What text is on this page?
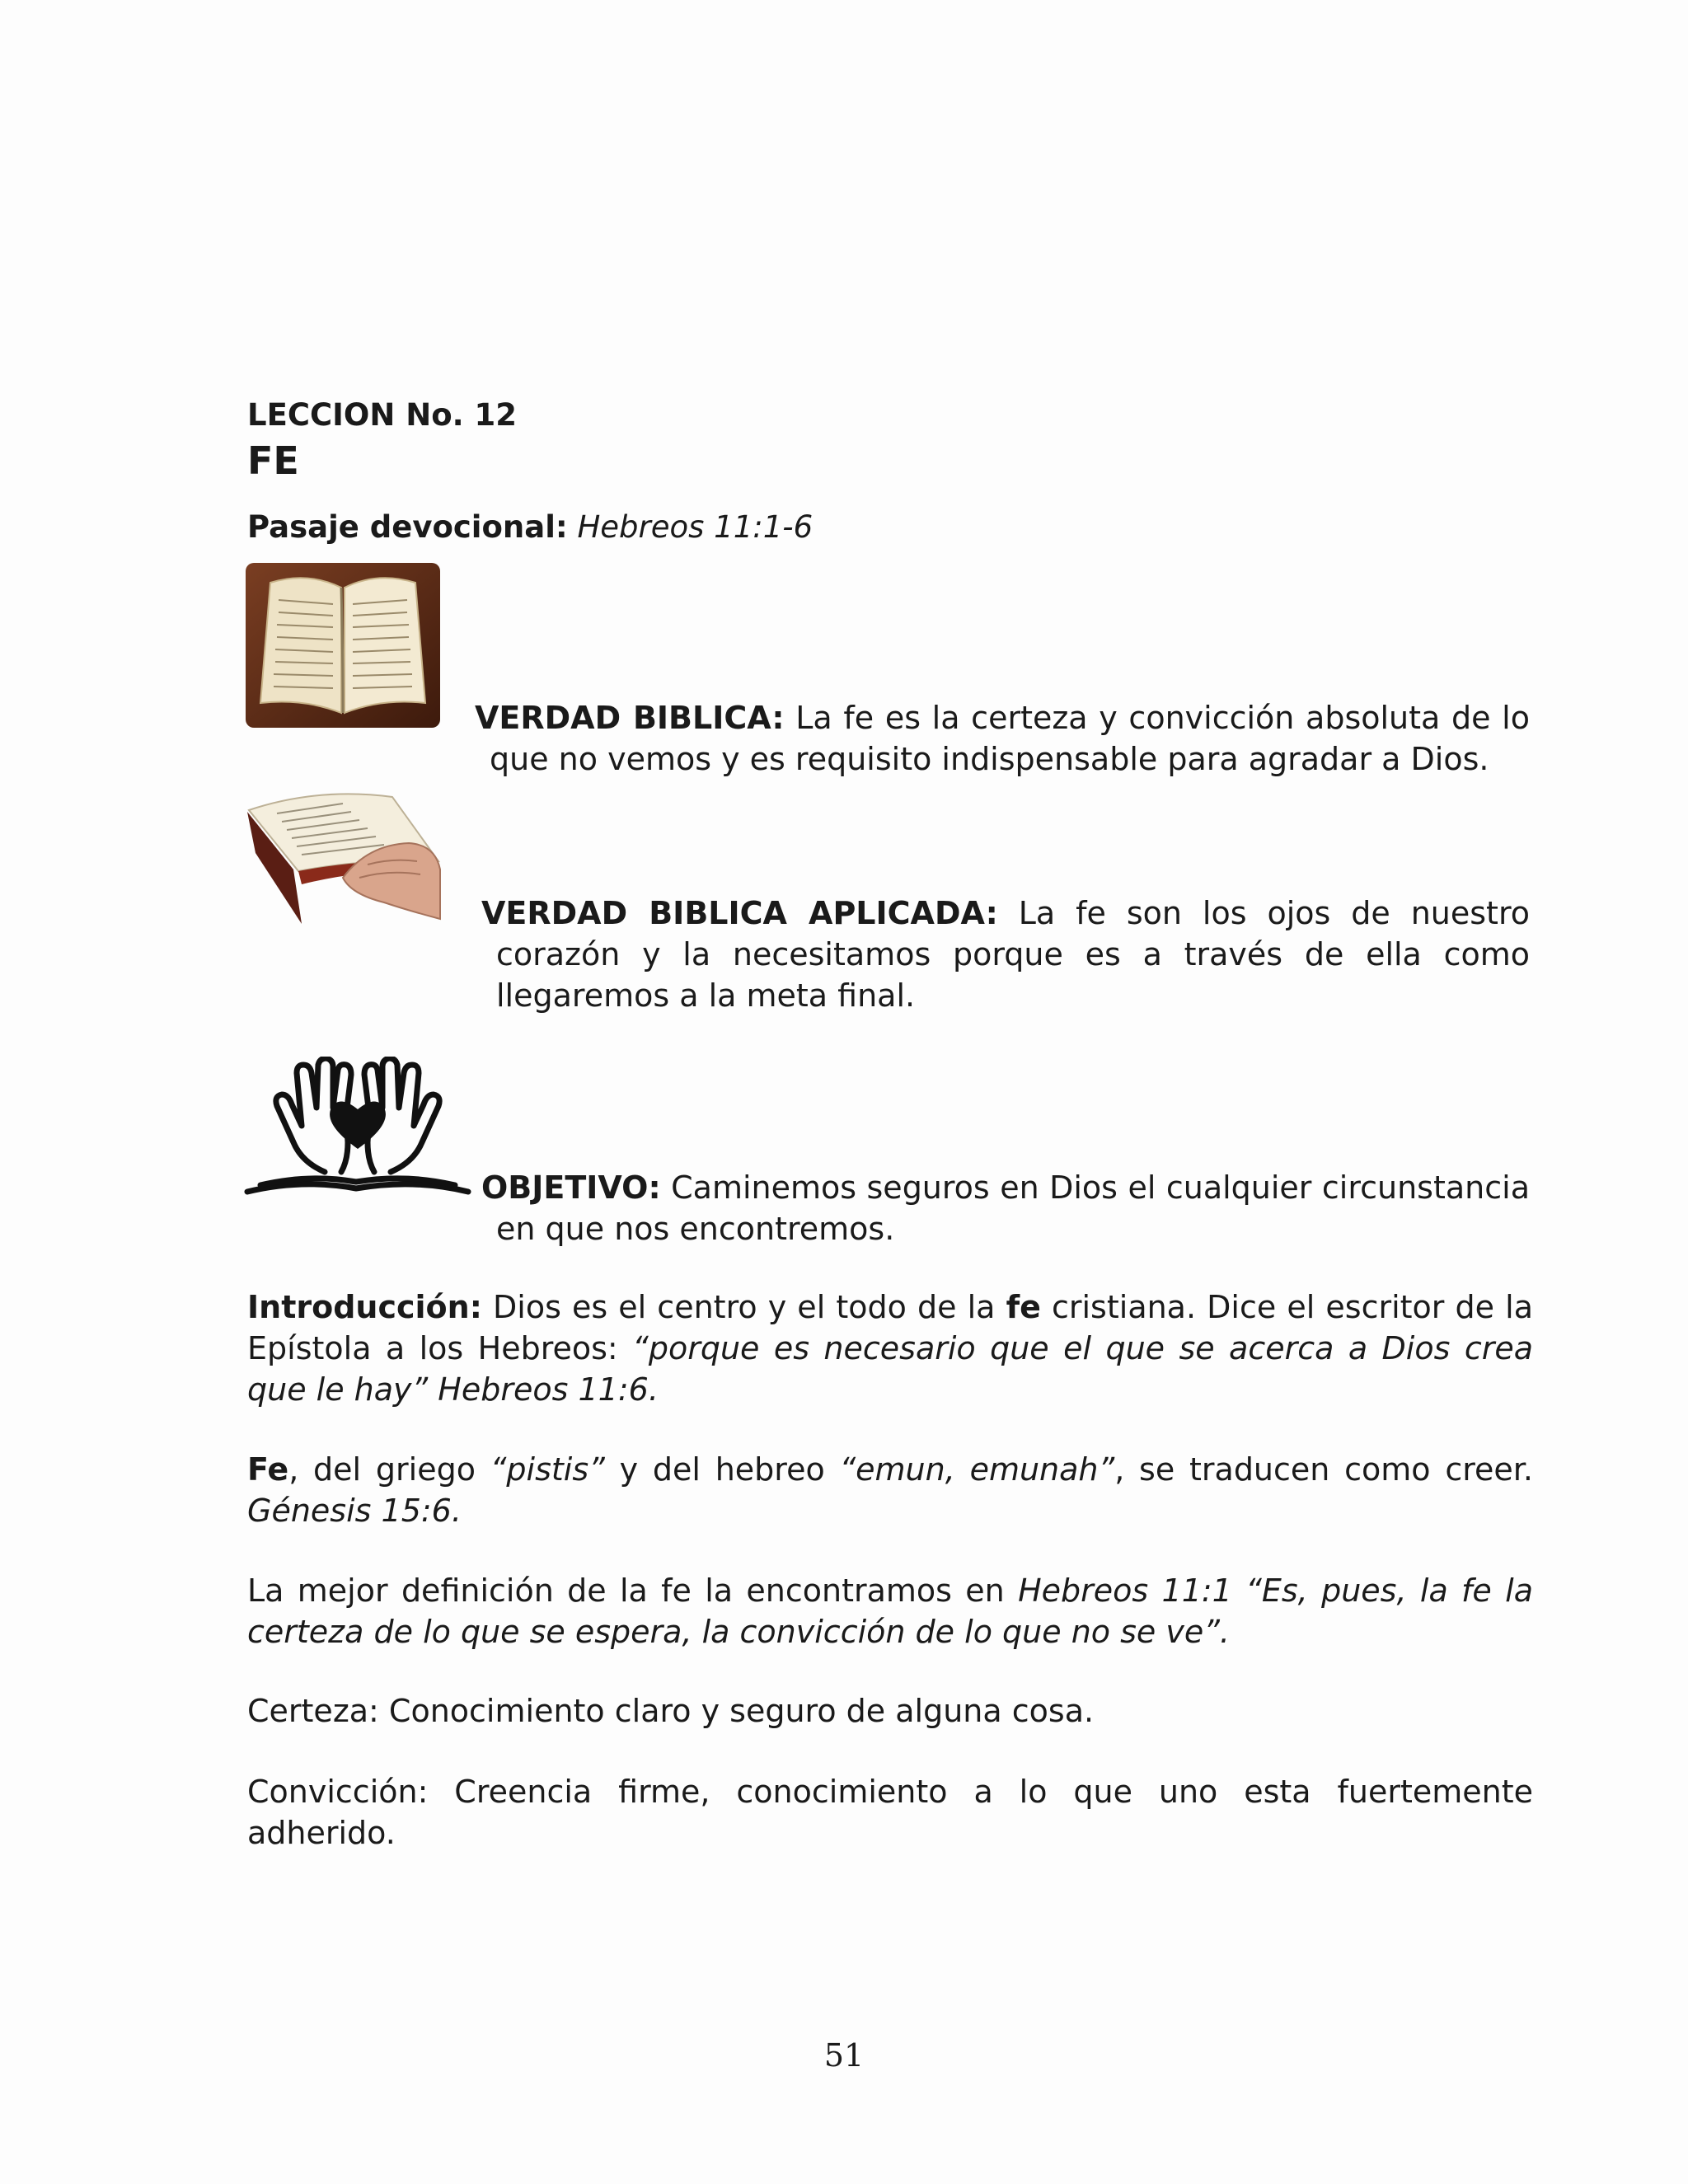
LECCION No. 12
FE
Pasaje devocional: Hebreos 11:1-6
VERDAD BIBLICA: La fe es la certeza y convicción absoluta de lo que no vemos y es requisito indispensable para agradar a Dios.
VERDAD BIBLICA APLICADA: La fe son los ojos de nuestro corazón y la necesitamos porque es a través de ella como llegaremos a la meta final.
OBJETIVO: Caminemos seguros en Dios el cualquier circunstancia en que nos encontremos.
Introducción: Dios es el centro y el todo de la fe cristiana. Dice el escritor de la Epístola a los Hebreos: “porque es necesario que el que se acerca a Dios crea que le hay” Hebreos 11:6.
Fe, del griego “pistis” y del hebreo “emun, emunah”, se traducen como creer. Génesis 15:6.
La mejor definición de la fe la encontramos en Hebreos 11:1 “Es, pues, la fe la certeza de lo que se espera, la convicción de lo que no se ve”.
Certeza: Conocimiento claro y seguro de alguna cosa.
Convicción: Creencia firme, conocimiento a lo que uno esta fuertemente adherido.
51
